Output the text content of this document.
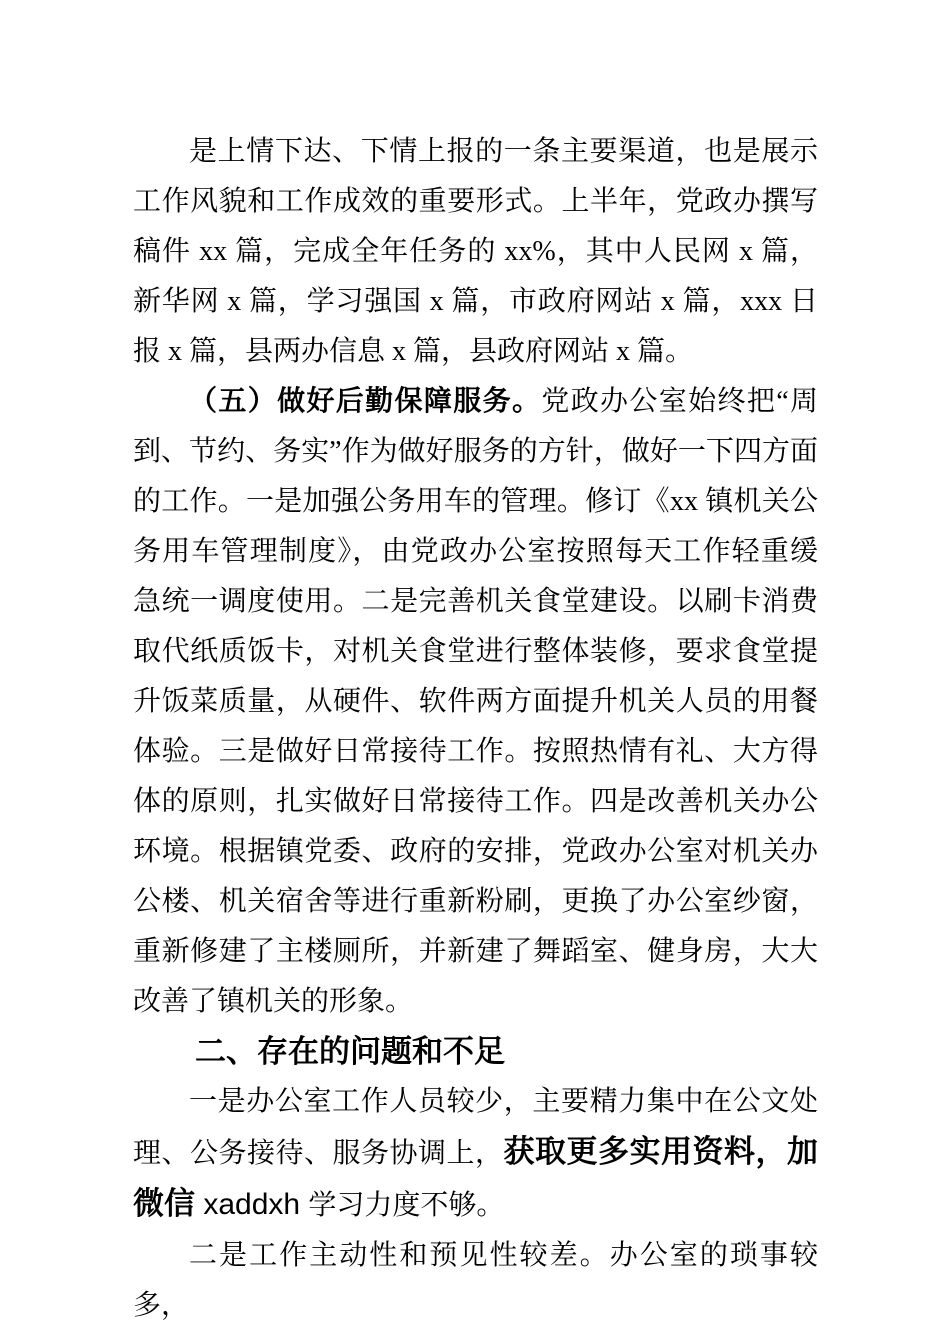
是上情下达、下情上报的一条主要渠道，也是展示工作风貌和工作成效的重要形式。上半年，党政办撰写稿件 xx 篇，完成全年任务的 xx%，其中人民网 x 篇，新华网 x 篇，学习强国 x 篇，市政府网站 x 篇，xxx 日报 x 篇，县两办信息 x 篇，县政府网站 x 篇。

（五）做好后勤保障服务。党政办公室始终把“周到、节约、务实”作为做好服务的方针，做好一下四方面的工作。一是加强公务用车的管理。修订《xx 镇机关公务用车管理制度》，由党政办公室按照每天工作轻重缓急统一调度使用。二是完善机关食堂建设。以刷卡消费取代纸质饭卡，对机关食堂进行整体装修，要求食堂提升饭菜质量，从硬件、软件两方面提升机关人员的用餐体验。三是做好日常接待工作。按照热情有礼、大方得体的原则，扎实做好日常接待工作。四是改善机关办公环境。根据镇党委、政府的安排，党政办公室对机关办公楼、机关宿舍等进行重新粉刷，更换了办公室纱窗，重新修建了主楼厕所，并新建了舞蹈室、健身房，大大改善了镇机关的形象。

二、存在的问题和不足

一是办公室工作人员较少，主要精力集中在公文处理、公务接待、服务协调上，获取更多实用资料，加微信 xaddxh 学习力度不够。

二是工作主动性和预见性较差。办公室的琐事较多，
